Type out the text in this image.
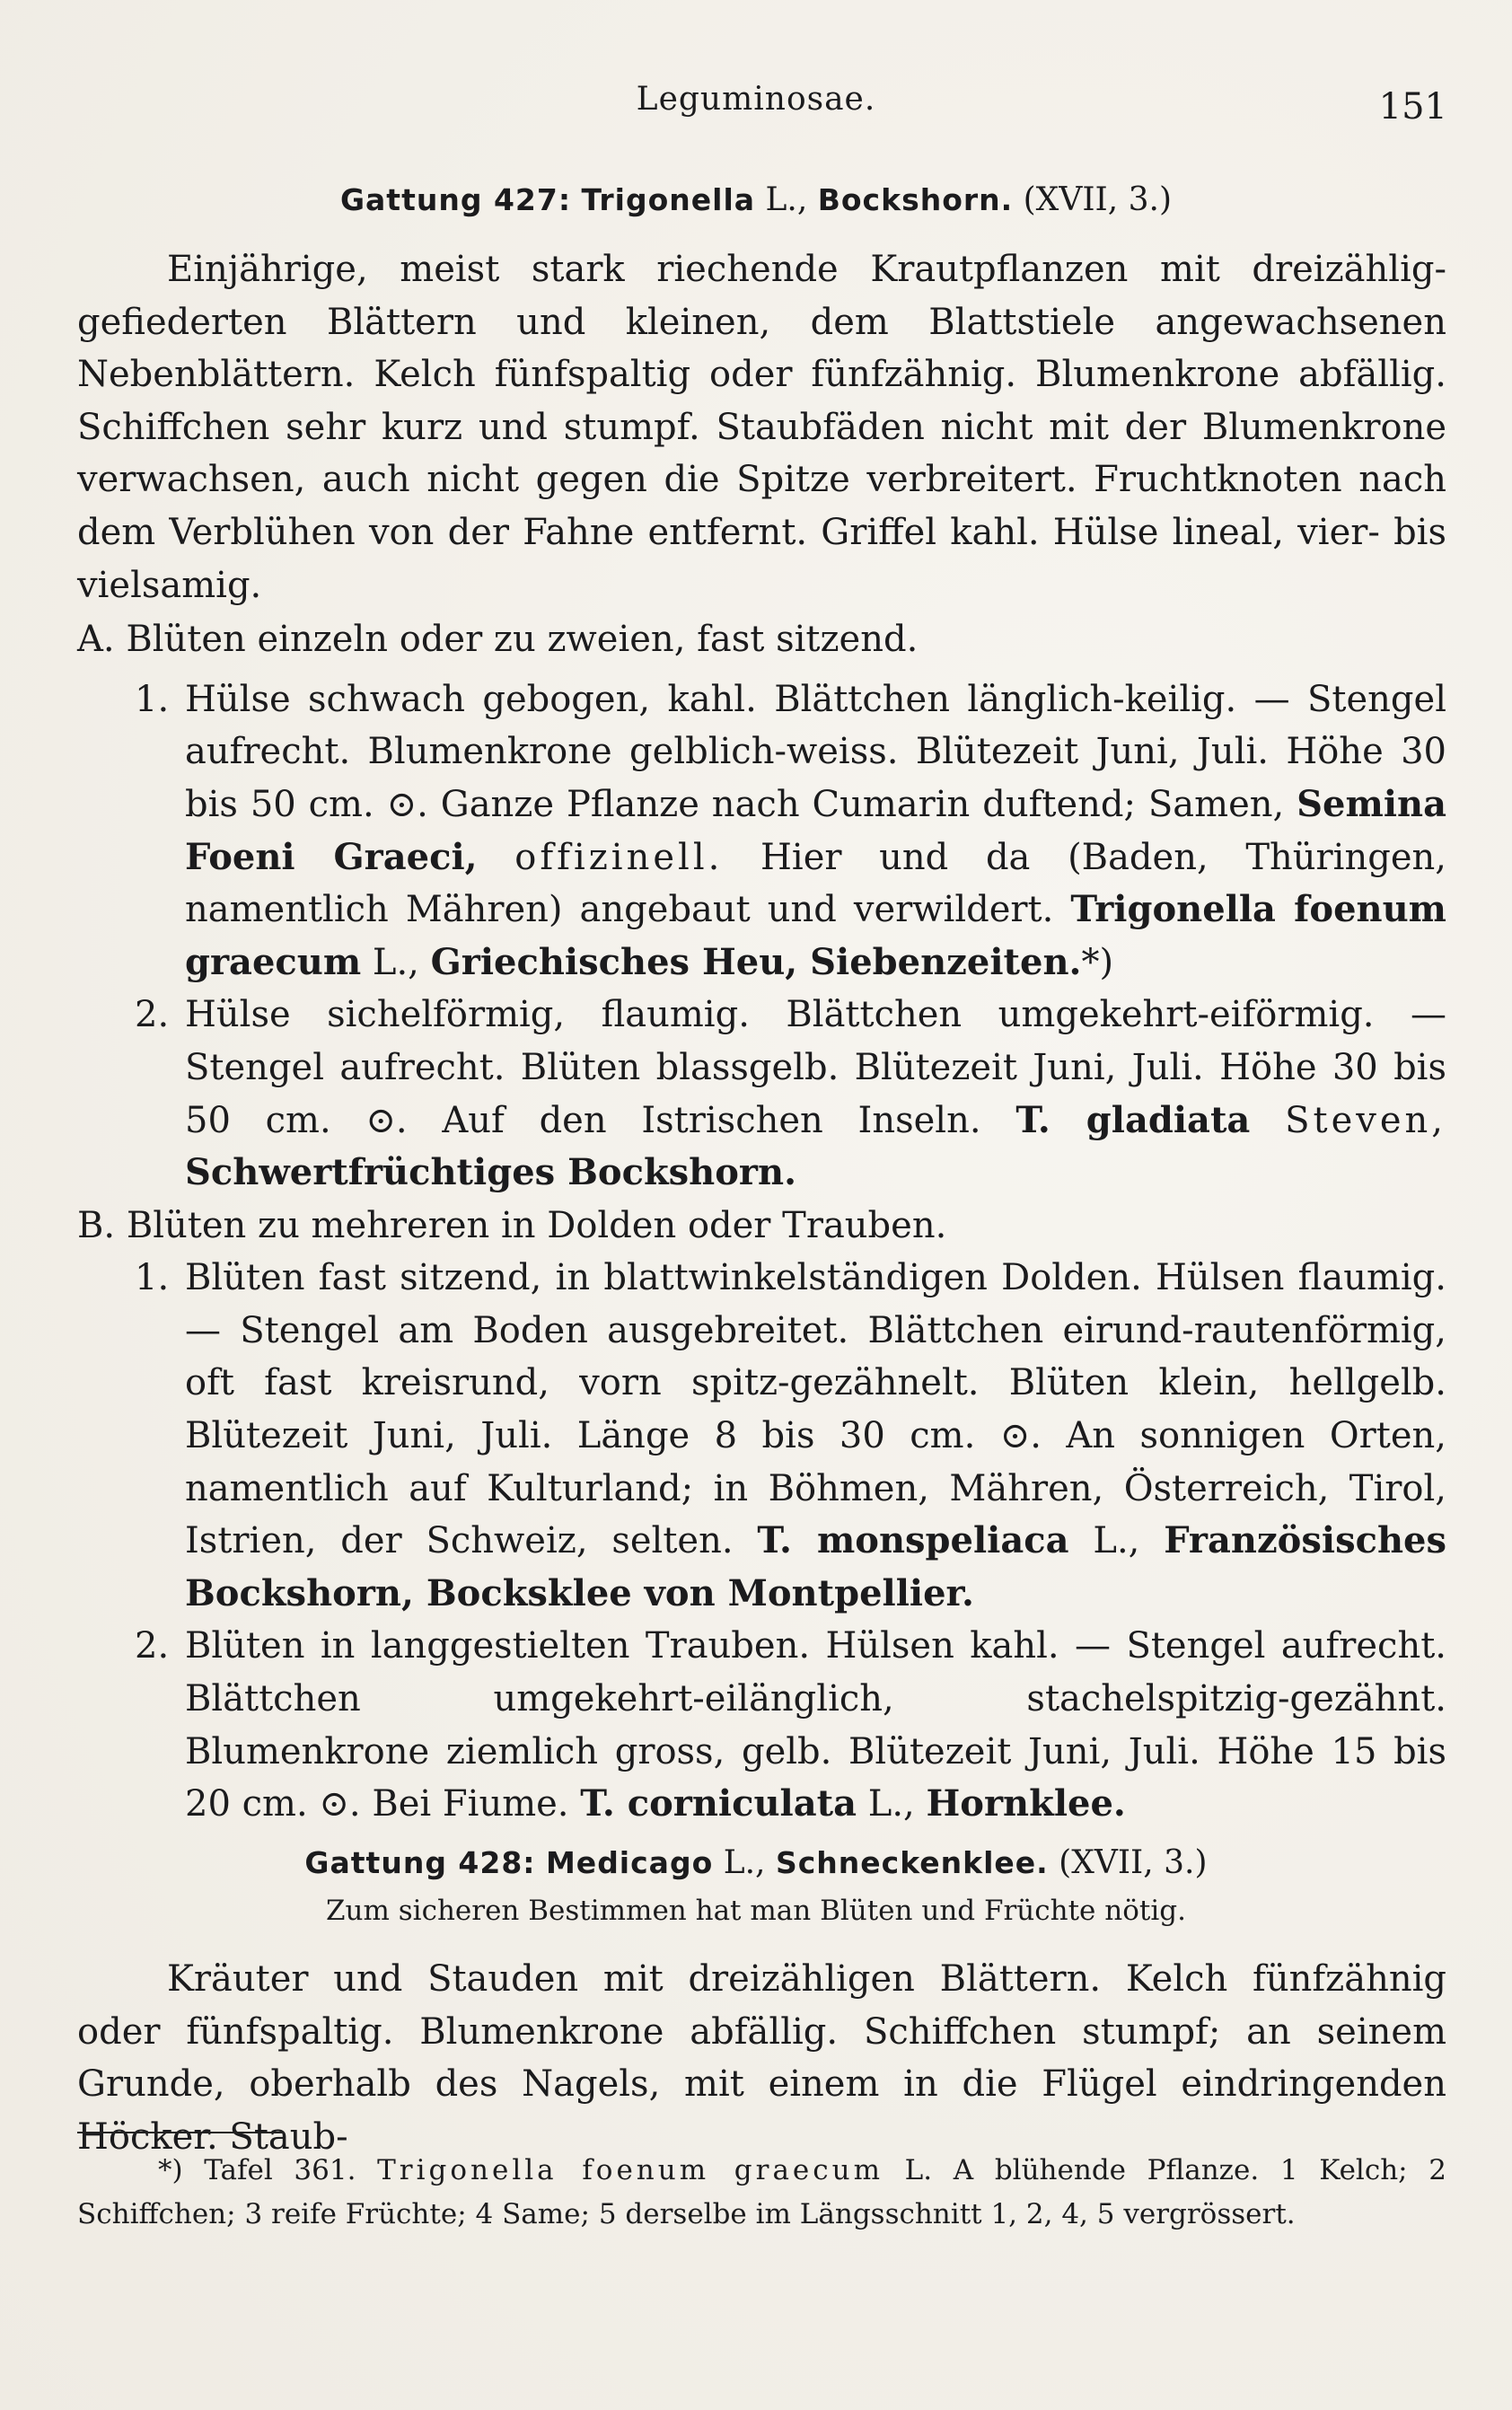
Leguminosae.	151
Gattung 427: Trigonella L., Bockshorn. (XVII, 3.)

Einjährige, meist stark riechende Krautpflanzen mit dreizählig-gefiederten Blättern und kleinen, dem Blattstiele angewachsenen Nebenblättern. Kelch fünfspaltig oder fünfzähnig. Blumenkrone abfällig. Schiffchen sehr kurz und stumpf. Staubfäden nicht mit der Blumenkrone verwachsen, auch nicht gegen die Spitze verbreitert. Fruchtknoten nach dem Verblühen von der Fahne entfernt. Griffel kahl. Hülse lineal, vier- bis vielsamig.

A. Blüten einzeln oder zu zweien, fast sitzend.

1. Hülse schwach gebogen, kahl. Blättchen länglich-keilig. — Stengel aufrecht. Blumenkrone gelblich-weiss. Blütezeit Juni, Juli. Höhe 30 bis 50 cm. ⊙. Ganze Pflanze nach Cumarin duftend; Samen, Semina Foeni Graeci, offizinell. Hier und da (Baden, Thüringen, namentlich Mähren) angebaut und verwildert. Trigonella foenum graecum L., Griechisches Heu, Siebenzeiten.*)

2. Hülse sichelförmig, flaumig. Blättchen umgekehrt-eiförmig. — Stengel aufrecht. Blüten blassgelb. Blütezeit Juni, Juli. Höhe 30 bis 50 cm. ⊙. Auf den Istrischen Inseln. T. gladiata Steven, Schwertfrüchtiges Bockshorn.

B. Blüten zu mehreren in Dolden oder Trauben.

1. Blüten fast sitzend, in blattwinkelständigen Dolden. Hülsen flaumig. — Stengel am Boden ausgebreitet. Blättchen eirund-rautenförmig, oft fast kreisrund, vorn spitz-gezähnelt. Blüten klein, hellgelb. Blütezeit Juni, Juli. Länge 8 bis 30 cm. ⊙. An sonnigen Orten, namentlich auf Kulturland; in Böhmen, Mähren, Österreich, Tirol, Istrien, der Schweiz, selten. T. monspeliaca L., Französisches Bockshorn, Bocksklee von Montpellier.

2. Blüten in langgestielten Trauben. Hülsen kahl. — Stengel aufrecht. Blättchen umgekehrt-eilänglich, stachelspitzig-gezähnt. Blumenkrone ziemlich gross, gelb. Blütezeit Juni, Juli. Höhe 15 bis 20 cm. ⊙. Bei Fiume. T. corniculata L., Hornklee.

Gattung 428: Medicago L., Schneckenklee. (XVII, 3.)
Zum sicheren Bestimmen hat man Blüten und Früchte nötig.

Kräuter und Stauden mit dreizähligen Blättern. Kelch fünfzähnig oder fünfspaltig. Blumenkrone abfällig. Schiffchen stumpf; an seinem Grunde, oberhalb des Nagels, mit einem in die Flügel eindringenden Höcker. Staub-

*) Tafel 361. Trigonella foenum graecum L. A blühende Pflanze. 1 Kelch; 2 Schiffchen; 3 reife Früchte; 4 Same; 5 derselbe im Längsschnitt 1, 2, 4, 5 vergrössert.
